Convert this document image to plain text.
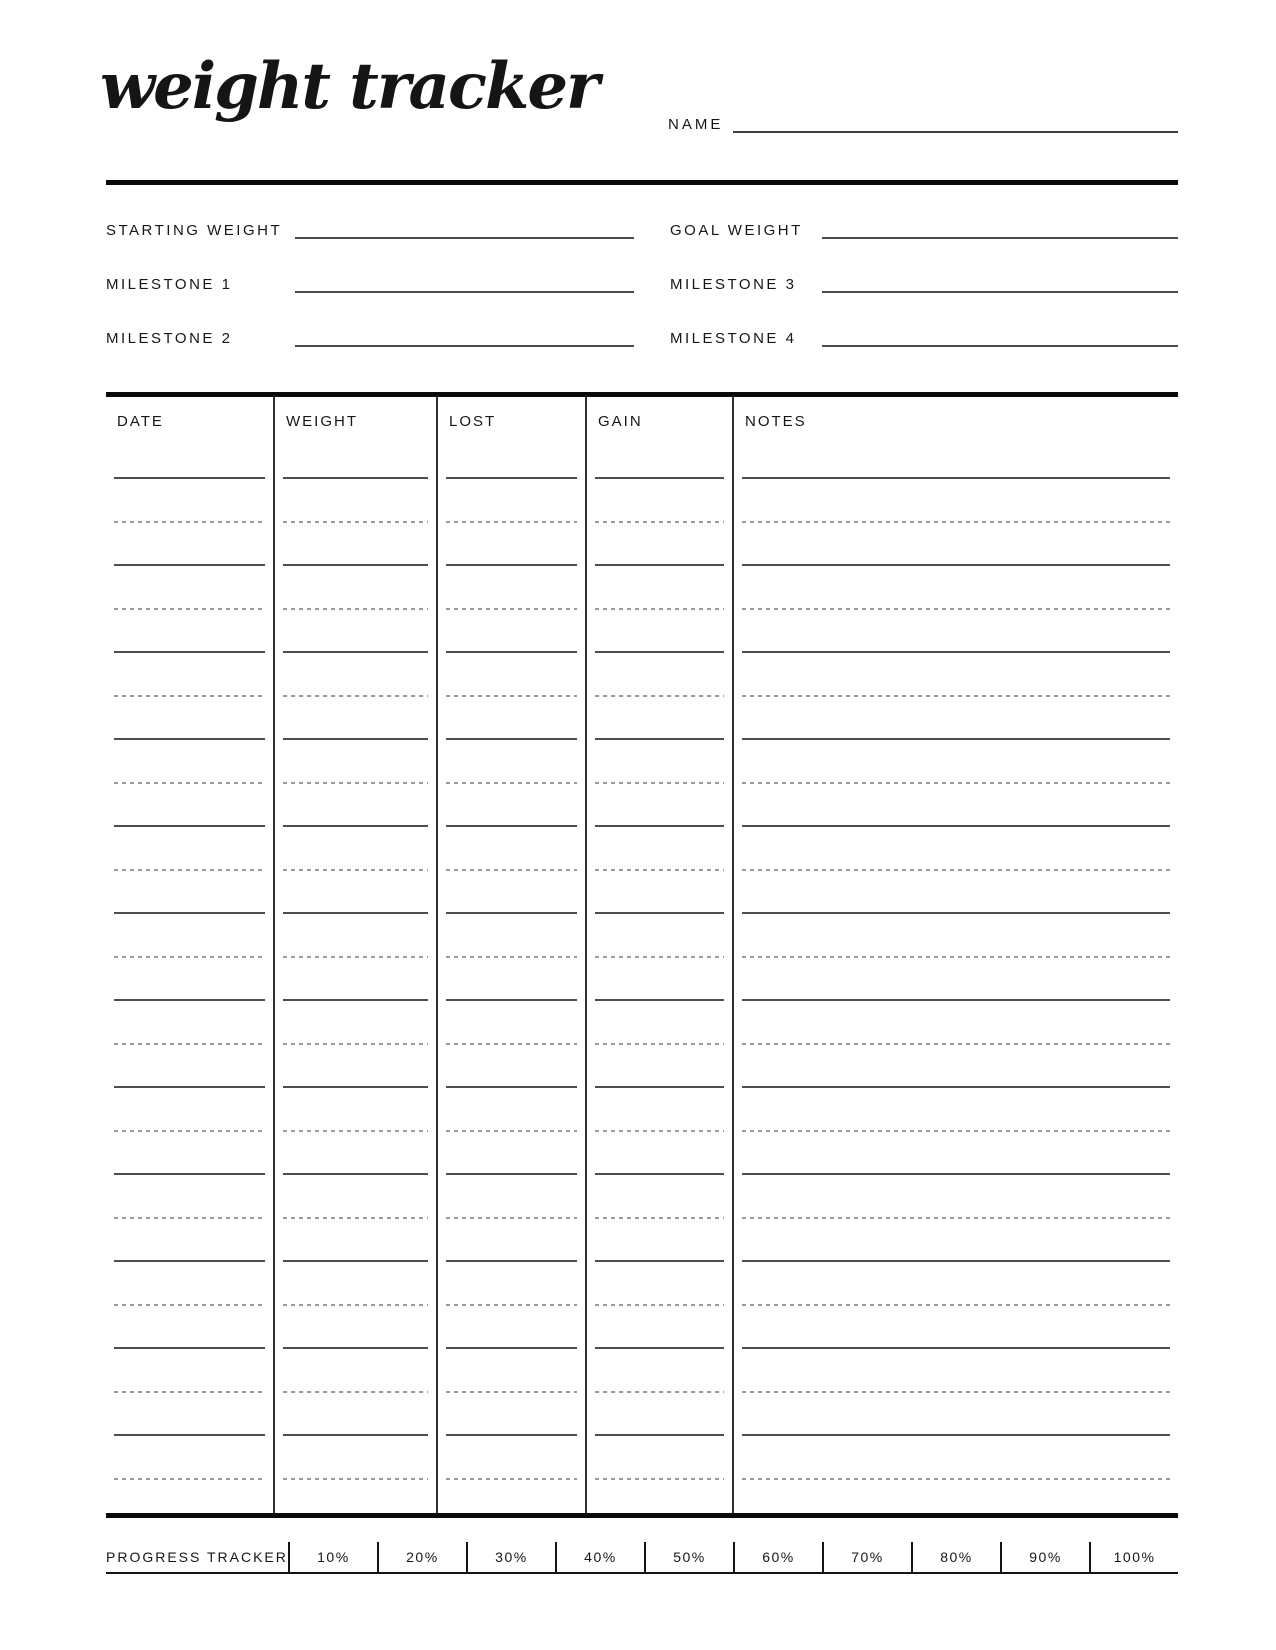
weight tracker
NAME
STARTING WEIGHT	GOAL WEIGHT
MILESTONE 1	MILESTONE 3
MILESTONE 2	MILESTONE 4
DATE	WEIGHT	LOST	GAIN	NOTES
PROGRESS TRACKER	10%	20%	30%	40%	50%	60%	70%	80%	90%	100%
